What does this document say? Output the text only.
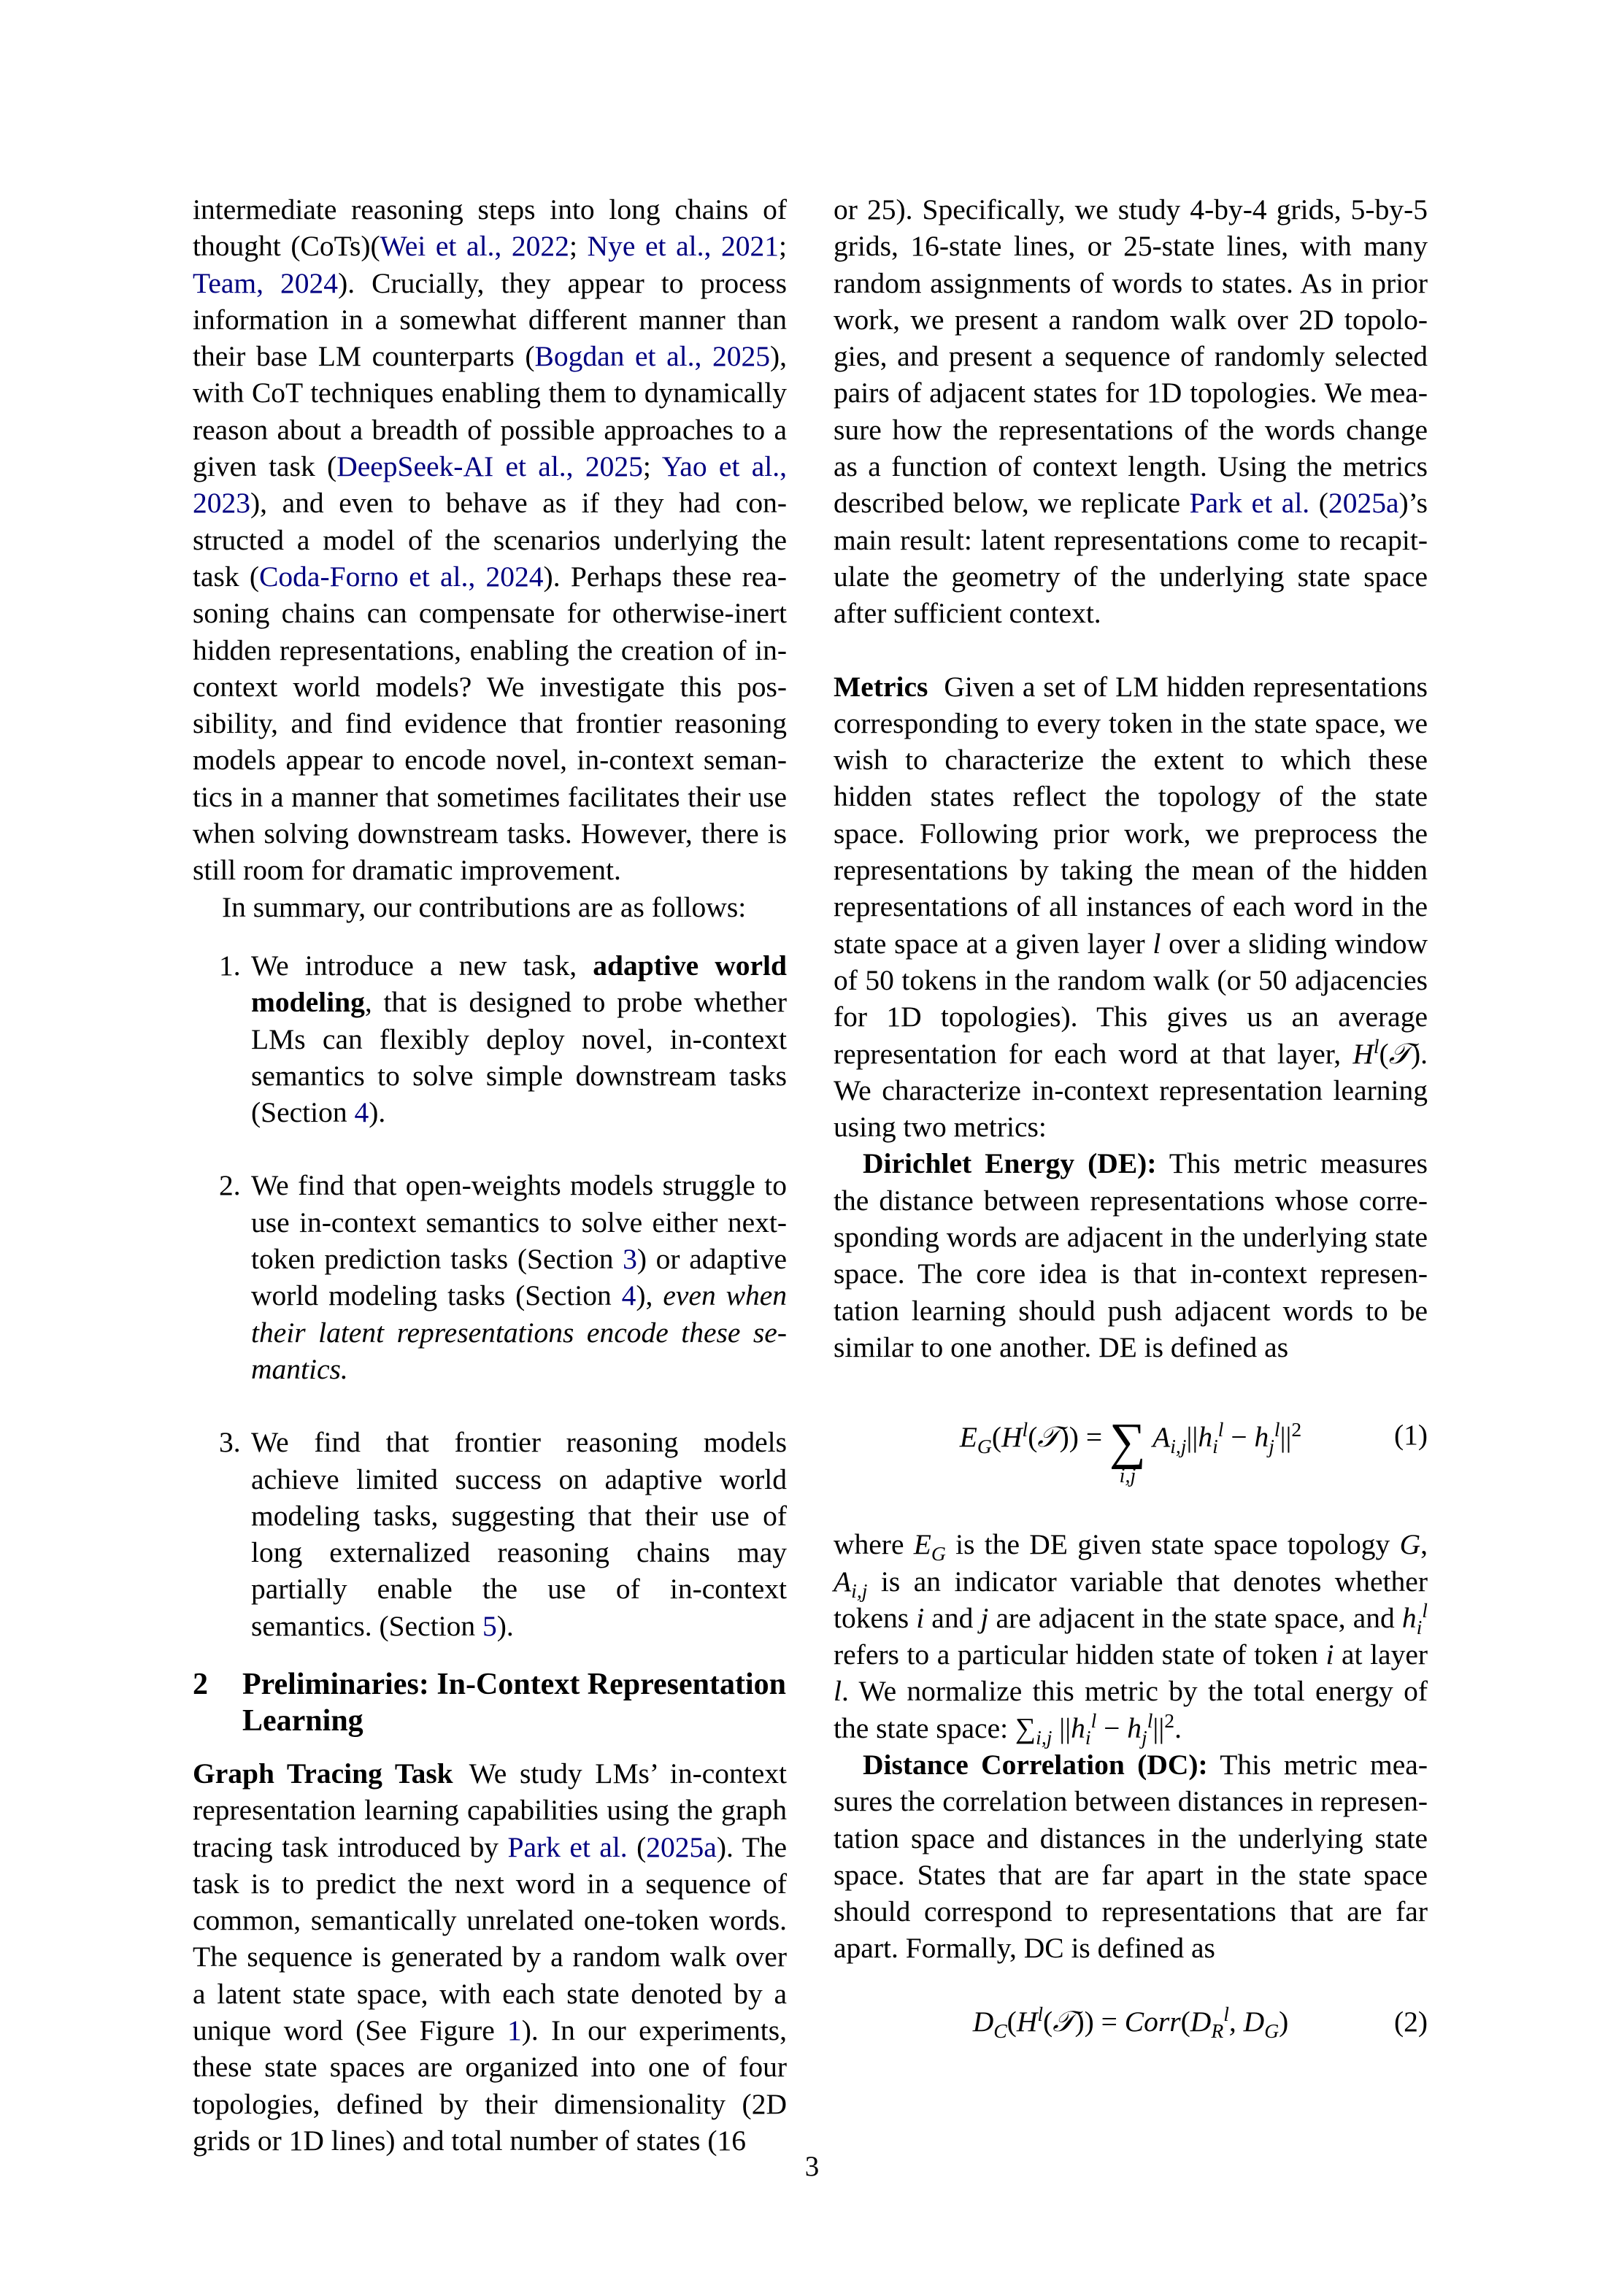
intermediate reasoning steps into long chains of thought (CoTs)(Wei et al., 2022; Nye et al., 2021; Team, 2024). Crucially, they appear to process information in a somewhat different manner than their base LM counterparts (Bogdan et al., 2025), with CoT techniques enabling them to dynamically reason about a breadth of possible approaches to a given task (DeepSeek-AI et al., 2025; Yao et al., 2023), and even to behave as if they had constructed a model of the scenarios underlying the task (Coda-Forno et al., 2024). Perhaps these reasoning chains can compensate for otherwise-inert hidden representations, enabling the creation of in-context world models? We investigate this possibility, and find evidence that frontier reasoning models appear to encode novel, in-context semantics in a manner that sometimes facilitates their use when solving downstream tasks. However, there is still room for dramatic improvement.

In summary, our contributions are as follows:

1. We introduce a new task, adaptive world modeling, that is designed to probe whether LMs can flexibly deploy novel, in-context semantics to solve simple downstream tasks (Section 4).
2. We find that open-weights models struggle to use in-context semantics to solve either next-token prediction tasks (Section 3) or adaptive world modeling tasks (Section 4), even when their latent representations encode these semantics.
3. We find that frontier reasoning models achieve limited success on adaptive world modeling tasks, suggesting that their use of long externalized reasoning chains may partially enable the use of in-context semantics. (Section 5).
2 Preliminaries: In-Context Representation Learning

Graph Tracing Task We study LMs’ in-context representation learning capabilities using the graph tracing task introduced by Park et al. (2025a). The task is to predict the next word in a sequence of common, semantically unrelated one-token words. The sequence is generated by a random walk over a latent state space, with each state denoted by a unique word (See Figure 1). In our experiments, these state spaces are organized into one of four topologies, defined by their dimensionality (2D grids or 1D lines) and total number of states (16

or 25). Specifically, we study 4-by-4 grids, 5-by-5 grids, 16-state lines, or 25-state lines, with many random assignments of words to states. As in prior work, we present a random walk over 2D topologies, and present a sequence of randomly selected pairs of adjacent states for 1D topologies. We measure how the representations of the words change as a function of context length. Using the metrics described below, we replicate Park et al. (2025a)’s main result: latent representations come to recapitulate the geometry of the underlying state space after sufficient context.

Metrics Given a set of LM hidden representations corresponding to every token in the state space, we wish to characterize the extent to which these hidden states reflect the topology of the state space. Following prior work, we preprocess the representations by taking the mean of the hidden representations of all instances of each word in the state space at a given layer l over a sliding window of 50 tokens in the random walk (or 50 adjacencies for 1D topologies). This gives us an average representation for each word at that layer, $H^l(𝒯)$. We characterize in-context representation learning using two metrics:

Dirichlet Energy (DE): This metric measures the distance between representations whose corresponding words are adjacent in the underlying state space. The core idea is that in-context representation learning should push adjacent words to be similar to one another. DE is defined as

$E_G(H^l(𝒯))$ = ∑
i,j
$A_{i,j}||h_i^l - h_j^l||^2$	(1)

where $E_G$ is the DE given state space topology G, $A_{i,j}$ is an indicator variable that denotes whether tokens i and j are adjacent in the state space, and $h_i^l$ refers to a particular hidden state of token i at layer l. We normalize this metric by the total energy of the state space: $\sum_{i,j}$ $||h_i^l - h_j^l||^2$.

Distance Correlation (DC): This metric measures the correlation between distances in representation space and distances in the underlying state space. States that are far apart in the state space should correspond to representations that are far apart. Formally, DC is defined as

$D_C(H^l(𝒯))$ = $Corr(D_R^l$, $D_G$)	(2)
3
